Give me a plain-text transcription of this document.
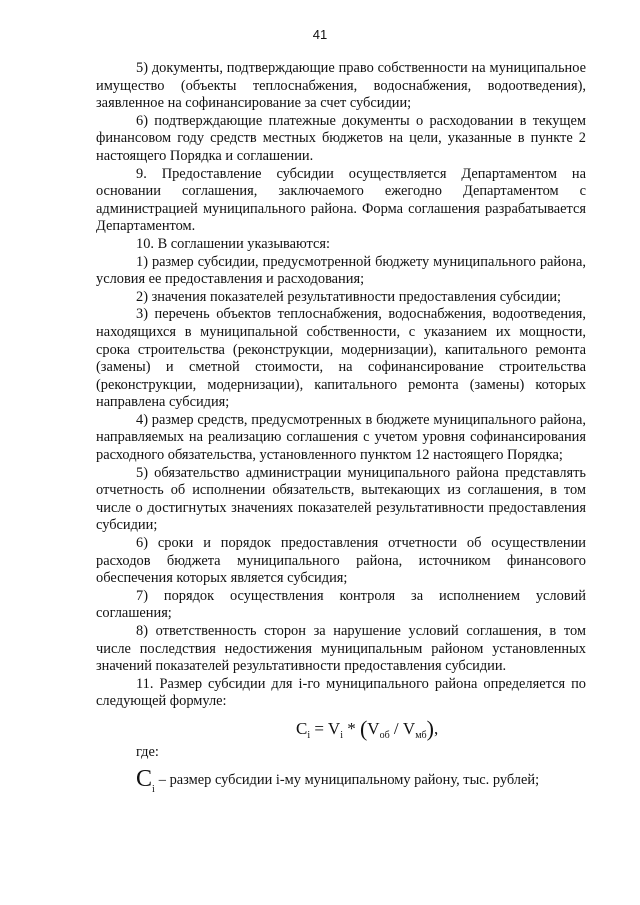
41

5) документы, подтверждающие право собственности на муниципальное имущество (объекты теплоснабжения, водоснабжения, водоотведения), заявленное на софинансирование за счет субсидии;

6) подтверждающие платежные документы о расходовании в текущем финансовом году средств местных бюджетов на цели, указанные в пункте 2 настоящего Порядка и соглашении.

9. Предоставление субсидии осуществляется Департаментом на основании соглашения, заключаемого ежегодно Департаментом с администрацией муниципального района. Форма соглашения разрабатывается Департаментом.

10. В соглашении указываются:

1) размер субсидии, предусмотренной бюджету муниципального района, условия ее предоставления и расходования;

2) значения показателей результативности предоставления субсидии;

3) перечень объектов теплоснабжения, водоснабжения, водоотведения, находящихся в муниципальной собственности, с указанием их мощности, срока строительства (реконструкции, модернизации), капитального ремонта (замены) и сметной стоимости, на софинансирование строительства (реконструкции, модернизации), капитального ремонта (замены) которых направлена субсидия;

4) размер средств, предусмотренных в бюджете муниципального района, направляемых на реализацию соглашения с учетом уровня софинансирования расходного обязательства, установленного пунктом 12 настоящего Порядка;

5) обязательство администрации муниципального района представлять отчетность об исполнении обязательств, вытекающих из соглашения, в том числе о достигнутых значениях показателей результативности предоставления субсидии;

6) сроки и порядок предоставления отчетности об осуществлении расходов бюджета муниципального района, источником финансового обеспечения которых является субсидия;

7) порядок осуществления контроля за исполнением условий соглашения;

8) ответственность сторон за нарушение условий соглашения, в том числе последствия недостижения муниципальным районом установленных значений показателей результативности предоставления субсидии.

11. Размер субсидии для i-го муниципального района определяется по следующей формуле:

$C_i = V_i * (V_{об} / V_{мб})$,
где:
$C_i-$ размер субсидии i-му муниципальному району, тыс. рублей;
